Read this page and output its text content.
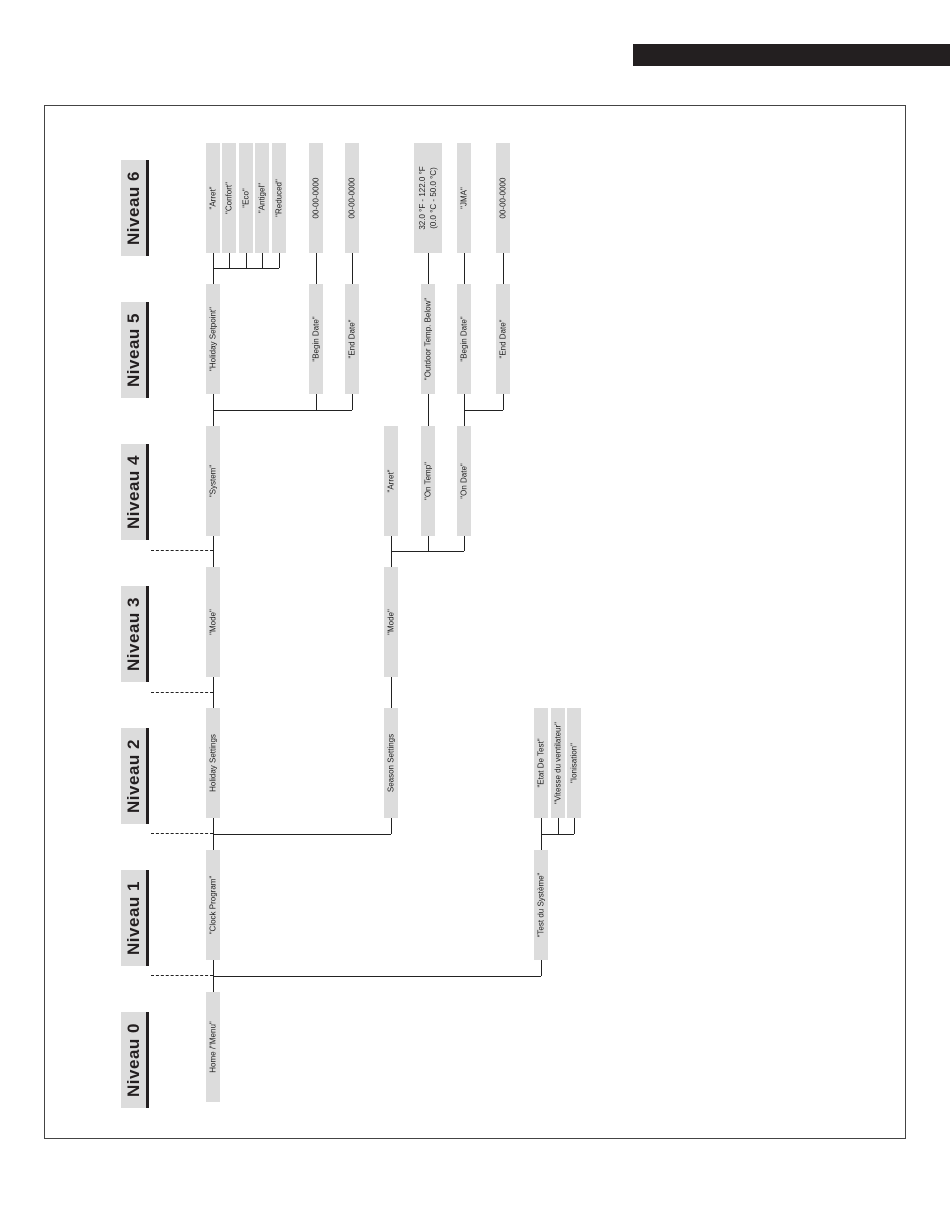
Niveau 0
Niveau 1
Niveau 2
Niveau 3
Niveau 4
Niveau 5
Niveau 6
Home /"Menu"
"Clock Program"	"Test du Système"
Holiday Settings	Season Settings	"Etat De Test" "Vitesse du ventilateur" "Ionisation"
"Mode"	"Mode"
"System"	"Arret"	"On Temp"	"On Date"
"Holiday Setpoint"	"Begin Date"	"End Date"	"Outdoor Temp. Below"	"Begin Date"	"End Date"
"Arret" "Confort" "Eco" "Antigel" "Reduced"	00-00-0000	00-00-0000	32.0 °F - 122.0 °F (0.0 °C - 50.0 °C)	"JMA"	00-00-0000
